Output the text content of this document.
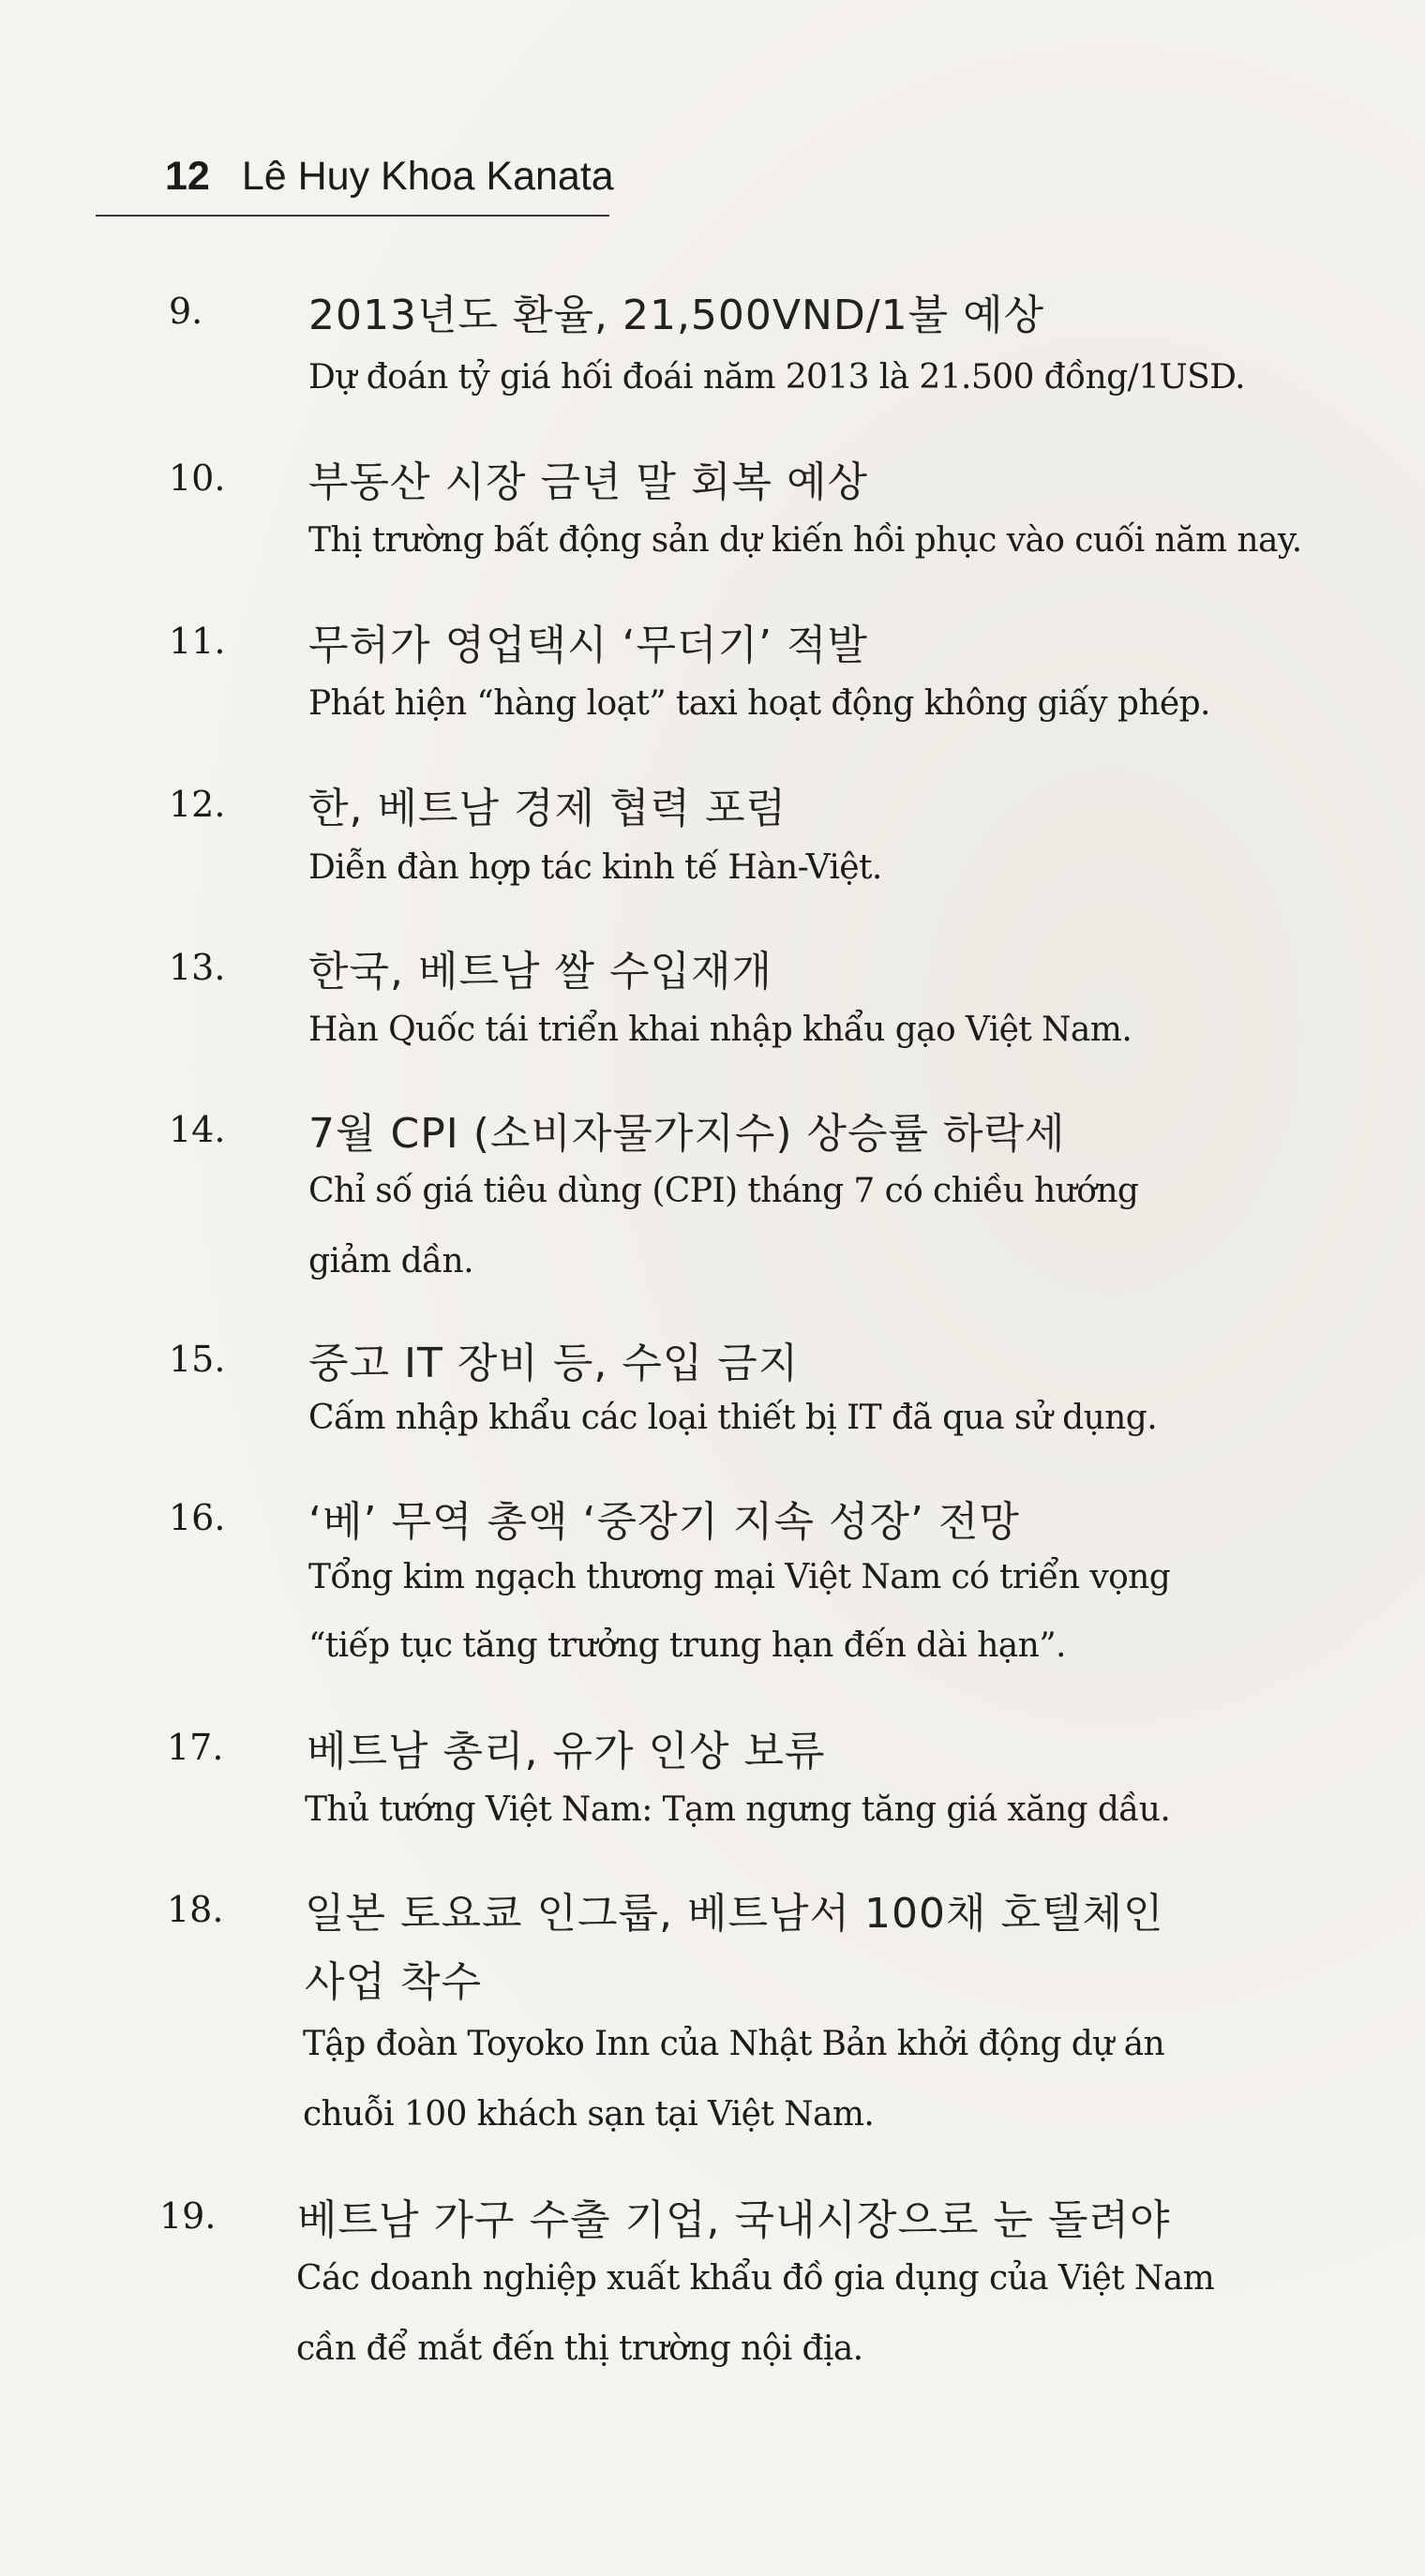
12 Lê Huy Khoa Kanata
9.	2013년도 환율, 21,500VND/1불 예상
Dự đoán tỷ giá hối đoái năm 2013 là 21.500 đồng/1USD.
10. 부동산 시장 금년 말 회복 예상
Thị trường bất động sản dự kiến hồi phục vào cuối năm nay.
11. 무허가 영업택시 ‘무더기’ 적발
Phát hiện “hàng loạt” taxi hoạt động không giấy phép.
12. 한, 베트남 경제 협력 포럼
Diễn đàn hợp tác kinh tế Hàn-Việt.
13. 한국, 베트남 쌀 수입재개
Hàn Quốc tái triển khai nhập khẩu gạo Việt Nam.
14. 7월 CPI (소비자물가지수) 상승률 하락세
Chỉ số giá tiêu dùng (CPI) tháng 7 có chiều hướng
giảm dần.
15. 중고 IT 장비 등, 수입 금지
Cấm nhập khẩu các loại thiết bị IT đã qua sử dụng.
16. ‘베’ 무역 총액 ‘중장기 지속 성장’ 전망
Tổng kim ngạch thương mại Việt Nam có triển vọng
“tiếp tục tăng trưởng trung hạn đến dài hạn”.
17. 베트남 총리, 유가 인상 보류
Thủ tướng Việt Nam: Tạm ngưng tăng giá xăng dầu.
18. 일본 토요쿄 인그룹, 베트남서 100채 호텔체인
사업 착수
Tập đoàn Toyoko Inn của Nhật Bản khởi động dự án
chuỗi 100 khách sạn tại Việt Nam.
19. 베트남 가구 수출 기업, 국내시장으로 눈 돌려야
Các doanh nghiệp xuất khẩu đồ gia dụng của Việt Nam
cần để mắt đến thị trường nội địa.
